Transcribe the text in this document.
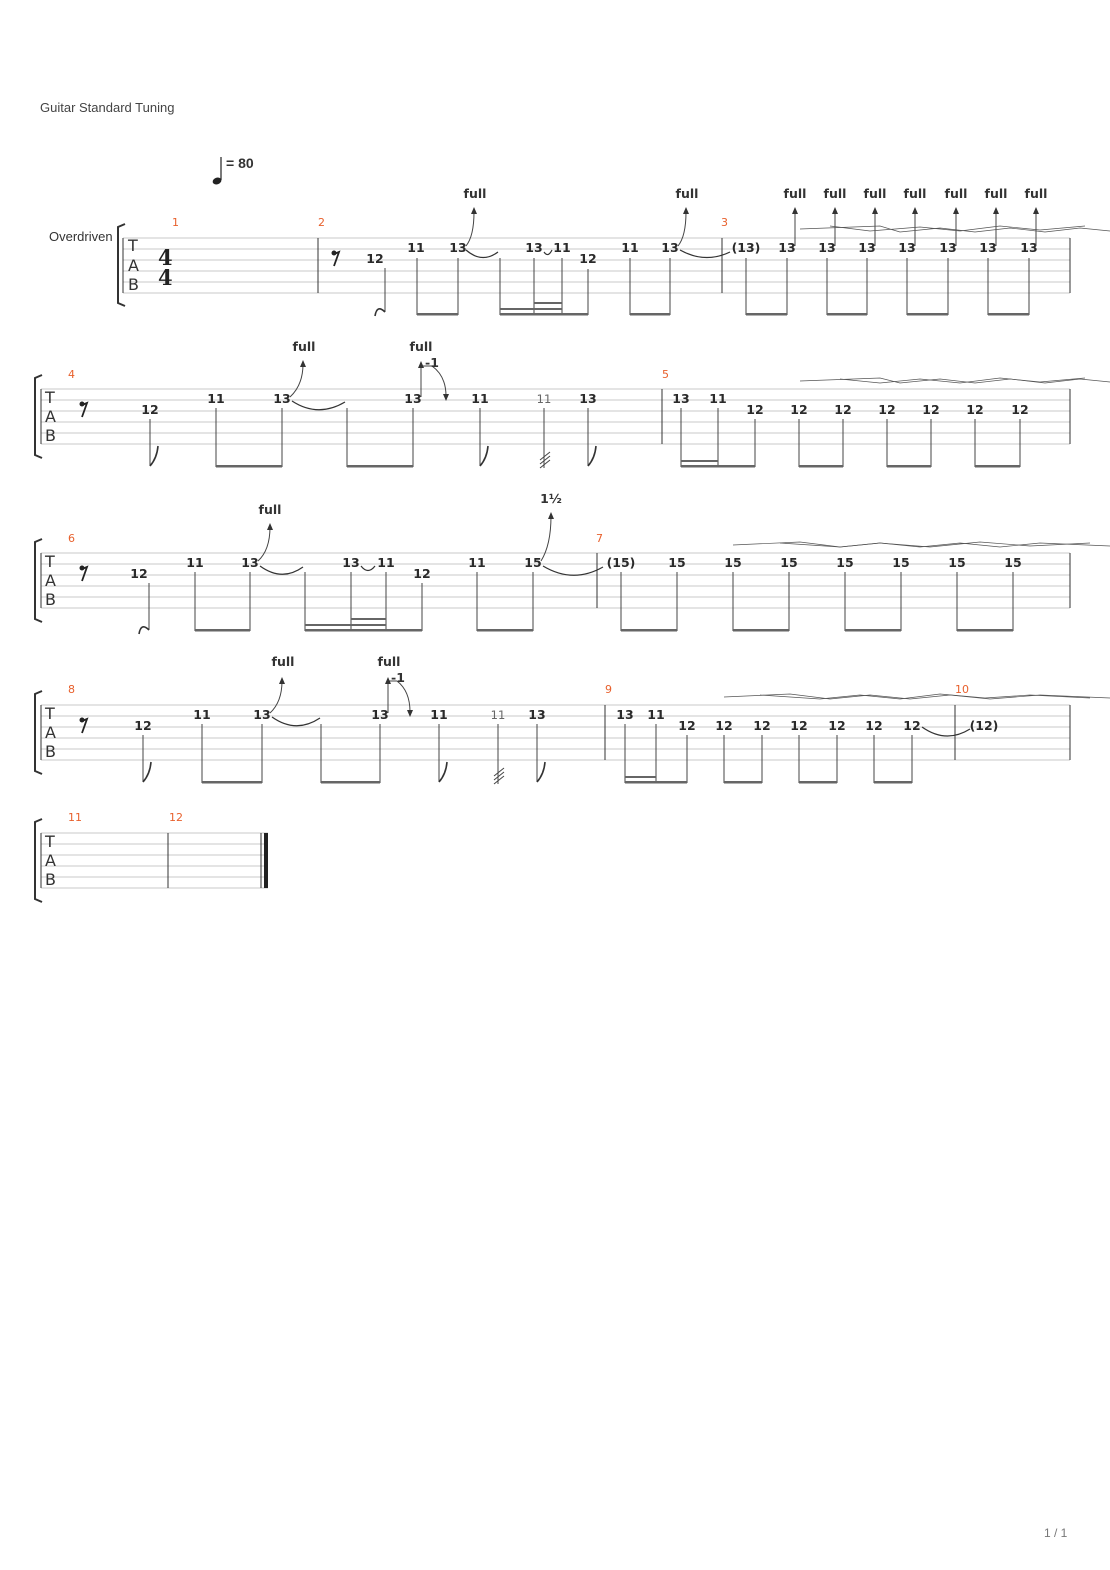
Guitar Standard Tuning
= 80
Overdriven
1 / 1
T
A
B
4
4
1	2	3
12
11 13	13 11
12
11 13	(13) 13 13 13 13 13 13 13
full	full	full full full full full full full
T
A
B
4	5
12
11	13	13	11	11 13	13 11
12 12 12 12 12 12 12
full	full
-1
T
A
B
6	7
12
11	13	13 11
12
11	15	(15)	15	15	15	15	15	15	15
full
1½
T
A
B
8	9	10
12
11	13	13	11	11 13	13 11
12 12 12 12 12 12 12	(12)
full	full
-1
T
A
B
11	12
